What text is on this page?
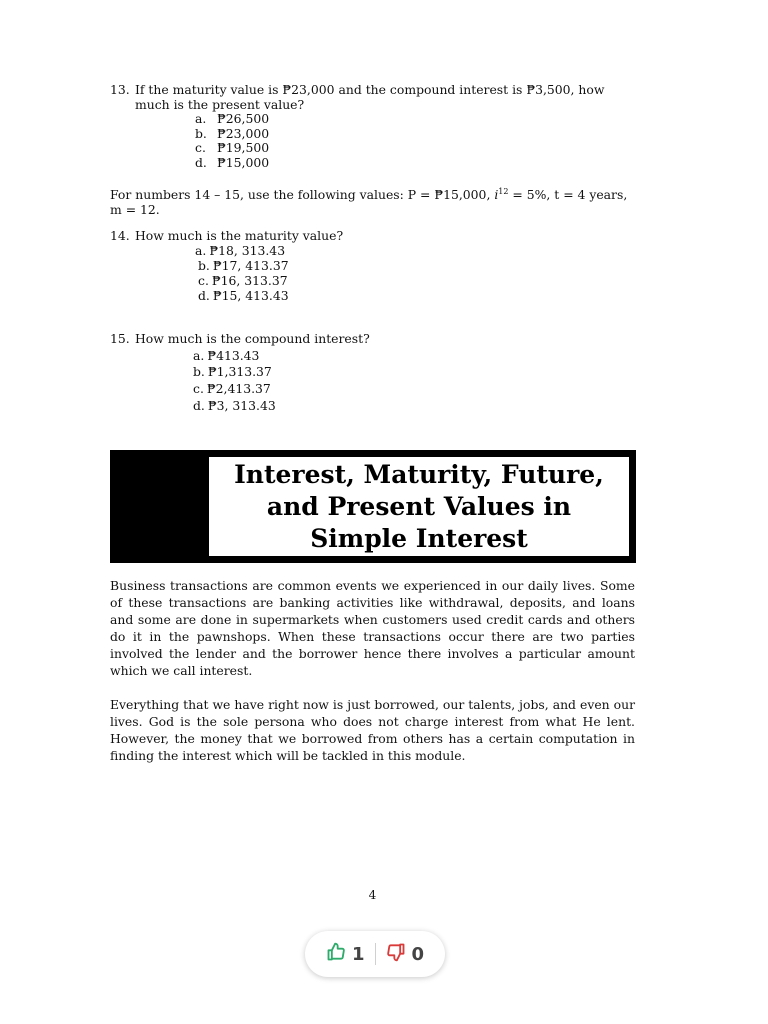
13. If the maturity value is ₱23,000 and the compound interest is ₱3,500, how
much is the present value?
a. ₱26,500
b. ₱23,000
c. ₱19,500
d. ₱15,000
For numbers 14 – 15, use the following values: P = ₱15,000, $i^{12} = 5\%$, t = 4 years,
m = 12.
14. How much is the maturity value?
a. ₱18, 313.43
b. ₱17, 413.37
c. ₱16, 313.37
d. ₱15, 413.43
15. How much is the compound interest?
a. ₱413.43
b. ₱1,313.37
c. ₱2,413.37
d. ₱3, 313.43
Interest, Maturity, Future,
and Present Values in
Simple Interest

Business transactions are common events we experienced in our daily lives. Some of these transactions are banking activities like withdrawal, deposits, and loans and some are done in supermarkets when customers used credit cards and others do it in the pawnshops. When these transactions occur there are two parties involved the lender and the borrower hence there involves a particular amount which we call interest.

Everything that we have right now is just borrowed, our talents, jobs, and even our lives. God is the sole persona who does not charge interest from what He lent. However, the money that we borrowed from others has a certain computation in finding the interest which will be tackled in this module.

4
1	0
